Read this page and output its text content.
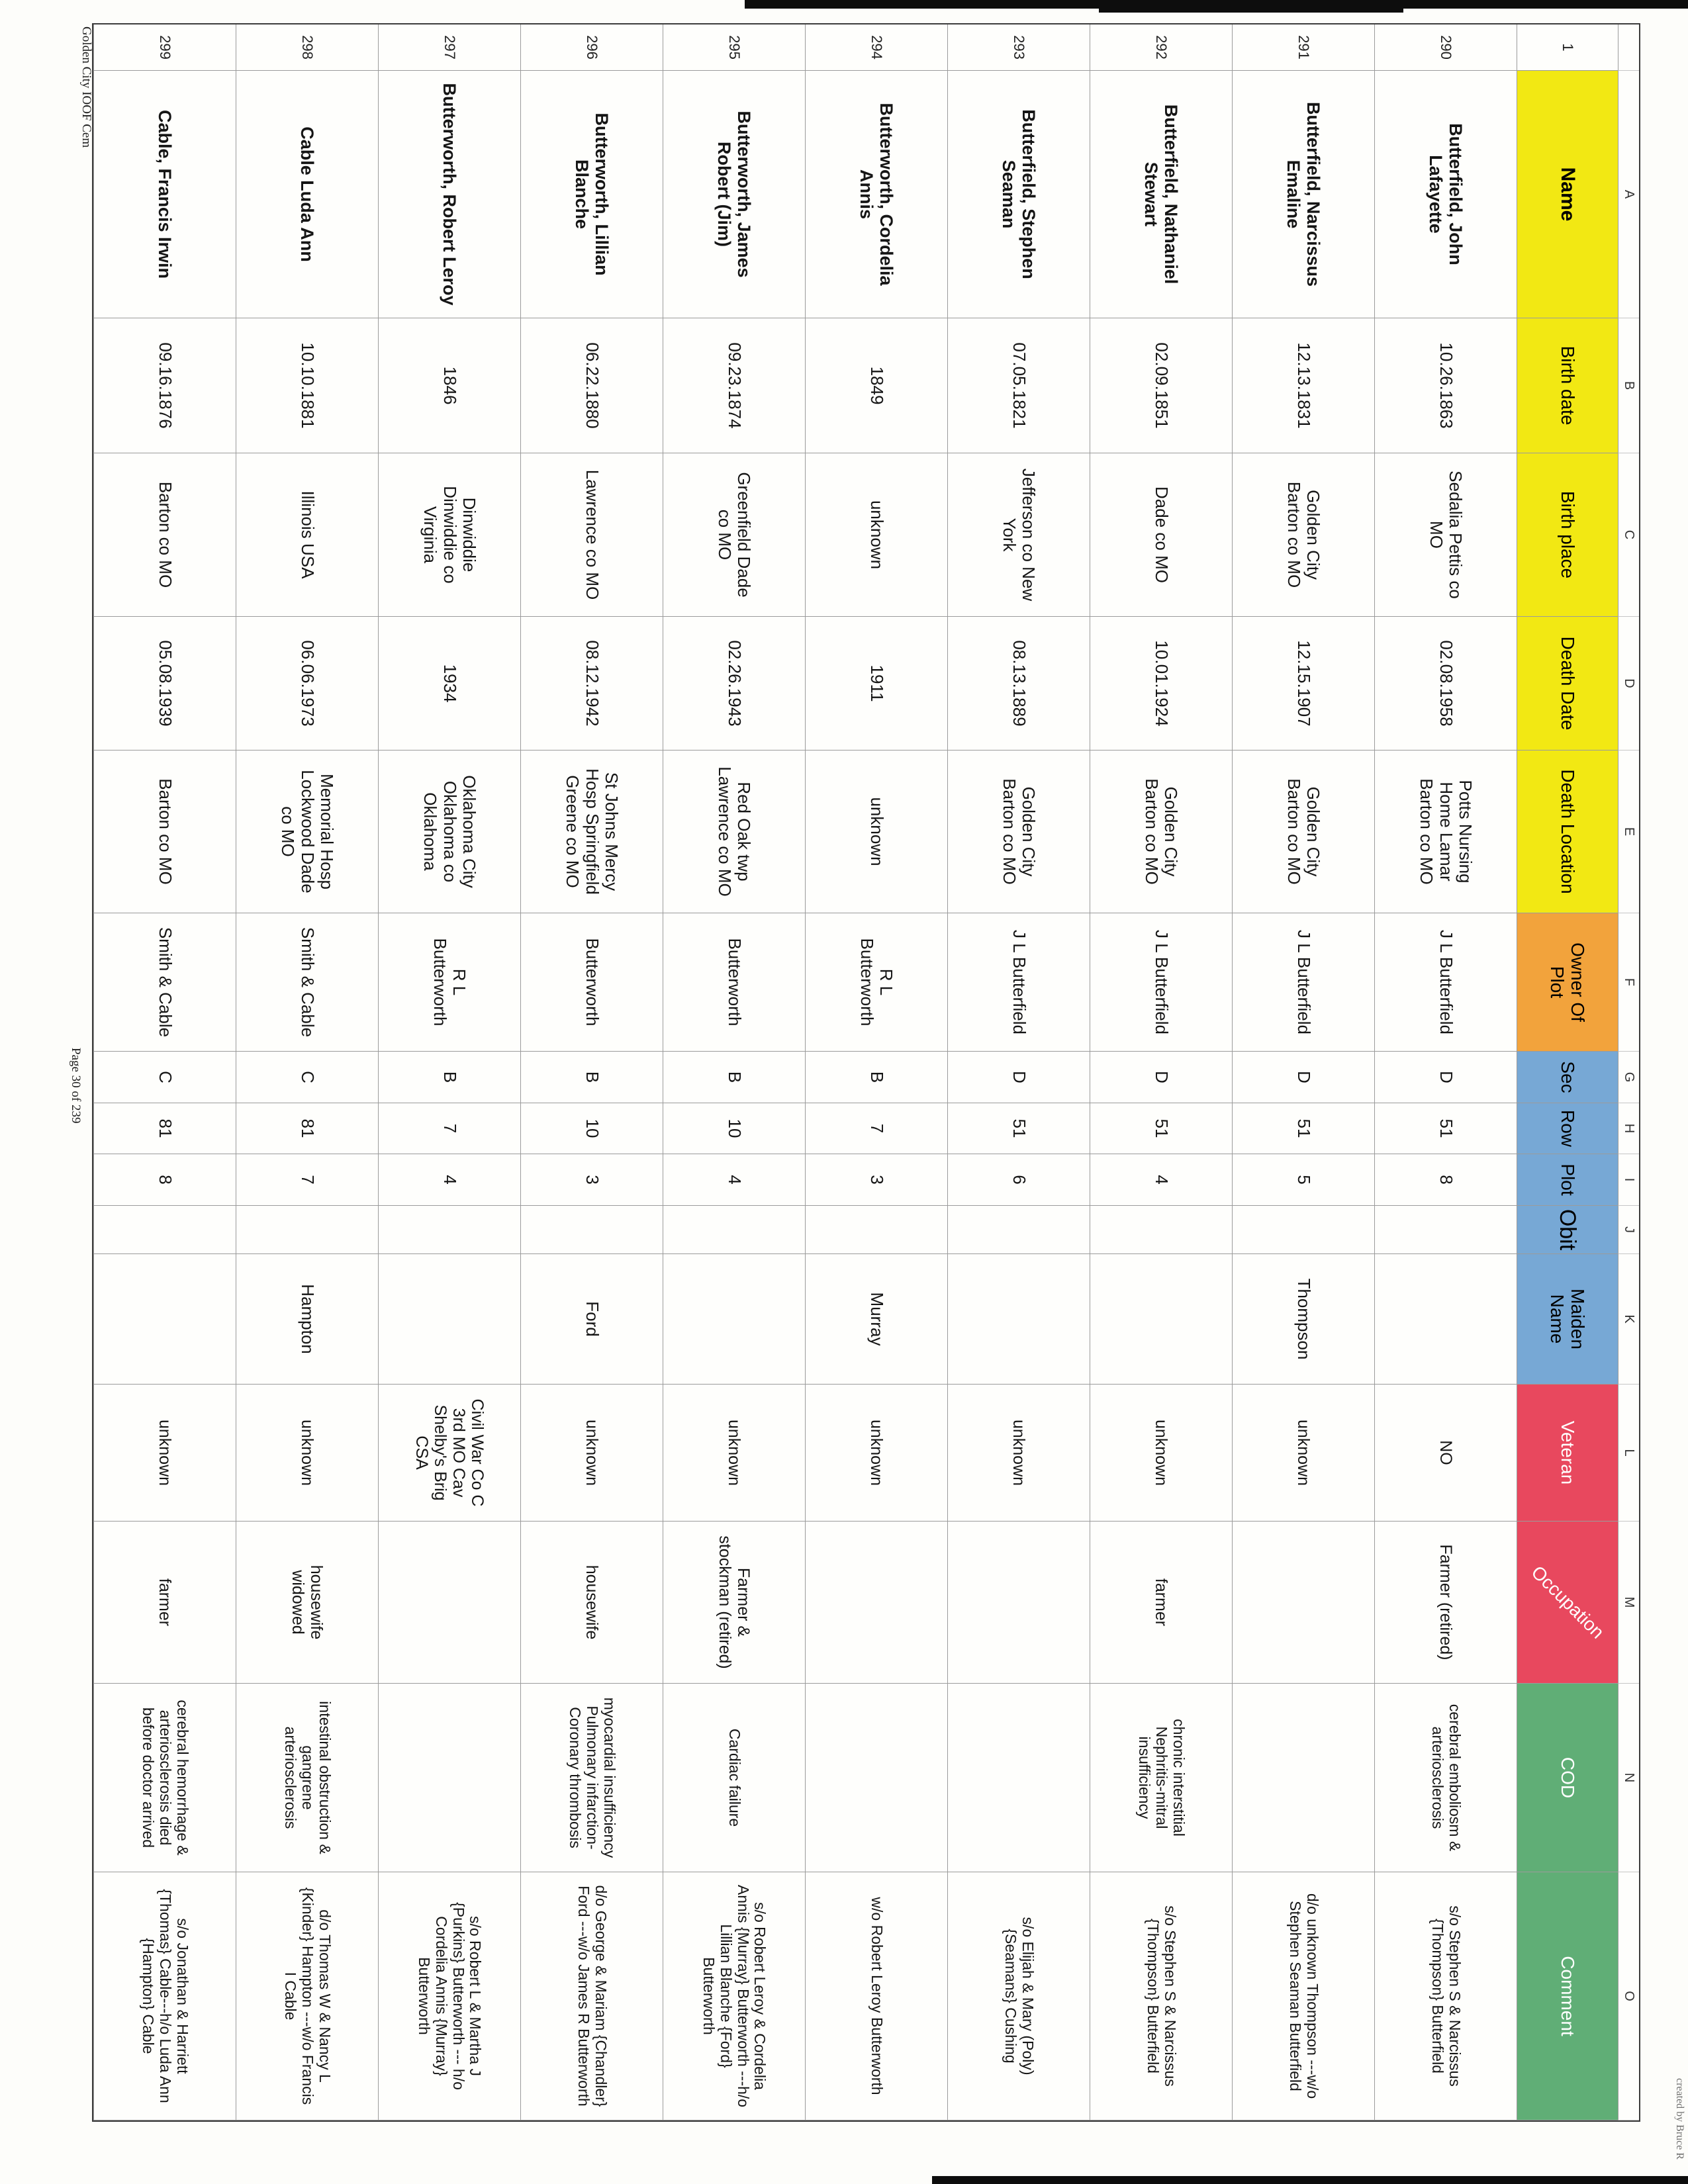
created by Bruce R
A
B
C
D
E
F
G
H
I
J
K
L
M
N
O
1
Name
Birth date
Birth place
Death Date
Death Location
Owner Of Plot
Sec
Row
Plot
Obit
Maiden Name
Veteran
Occupation
COD
Comment
290
Butterfield, John Lafayette
10.26.1863
Sedalia Pettis co MO
02.08.1958
Potts Nursing Home Lamar Barton co MO
J L Butterfield
D
51
8
NO
Farmer (retired)
cerebral emboliosm & arteriosclerosis
s/o Stephen S & Narcissus {Thompson} Butterfield
291
Butterfield, Narcissus Emaline
12.13.1831
Golden City Barton co MO
12.15.1907
Golden City Barton co MO
J L Butterfield
D
51
5
Thompson
unknown
d/o unknown Thompson ---w/o Stephen Seaman Butterfield
292
Butterfield, Nathaniel Stewart
02.09.1851
Dade co MO
10.01.1924
Golden City Barton co MO
J L Butterfield
D
51
4
unknown
farmer
chronic interstitial Nephritis-mitral insufficiency
s/o Stephen S & Narcissus {Thompson} Butterfield
293
Butterfield, Stephen Seaman
07.05.1821
Jefferson co New York
08.13.1889
Golden City Barton co MO
J L Butterfield
D
51
6
unknown
s/o Elijah & Mary (Poly) {Seamans} Cushing
294
Butterworth, Cordelia Annis
1849
unknown
1911
unknown
R L Butterworth
B
7
3
Murray
unknown
w/o Robert Leroy Butterworth
295
Butterworth, James Robert (Jim)
09.23.1874
Greenfield Dade co MO
02.26.1943
Red Oak twp Lawrence co MO
Butterworth
B
10
4
unknown
Farmer & stockman (retired)
Cardiac failure
s/o Robert Leroy & Cordelia Annis {Murray} Butterworth ---h/o Lillian Blanche {Ford} Butterworth
296
Butterworth, Lillian Blanche
06.22.1880
Lawrence co MO
08.12.1942
St Johns Mercy Hosp Springfield Greene co MO
Butterworth
B
10
3
Ford
unknown
housewife
myocardial insufficiency Pulmonary infarction-Coronary thrombosis
d/o George & Mariam {Chandler} Ford ---w/o James R Butterworth
297
Butterworth, Robert Leroy
1846
Dinwiddie Dinwiddie co Virginia
1934
Oklahoma City Oklahoma co Oklahoma
R L Butterworth
B
7
4
Civil War Co C 3rd MO Cav Shelby's Brig CSA
s/o Robert L & Martha J {Purkins} Butterworth --- h/o Cordelia Annis {Murray} Butterworth
298
Cable Luda Ann
10.10.1881
Illinois USA
06.06.1973
Memorial Hosp Lockwood Dade co MO
Smith & Cable
C
81
7
Hampton
unknown
housewife widowed
intestinal obstruction & gangrene arteriosclerosis
d/o Thomas W & Nancy L {Kinder} Hampton ---w/o Francis I Cable
299
Cable, Francis Irwin
09.16.1876
Barton co MO
05.08.1939
Barton co MO
Smith & Cable
C
81
8
unknown
farmer
cerebral hemorrhage & arteriosclerosis died before doctor arrived
s/o Jonathan & Harriett {Thomas} Cable---h/o Luda Ann {Hampton} Cable
Golden City IOOF Cem
Page 30 of 239
